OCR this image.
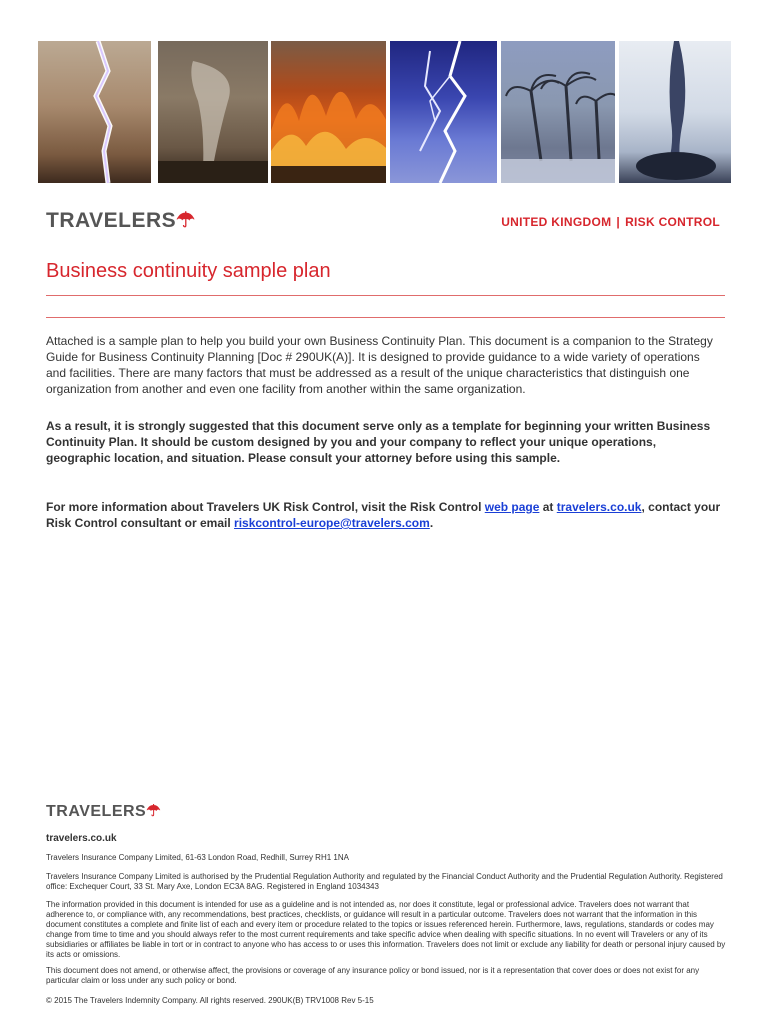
TRAVELERS ☂	UNITED KINGDOM | RISK CONTROL
Business continuity sample plan

Attached is a sample plan to help you build your own Business Continuity Plan. This document is a companion to the Strategy Guide for Business Continuity Planning [Doc # 290UK(A)]. It is designed to provide guidance to a wide variety of operations and facilities. There are many factors that must be addressed as a result of the unique characteristics that distinguish one organization from another and even one facility from another within the same organization.

As a result, it is strongly suggested that this document serve only as a template for beginning your written Business Continuity Plan. It should be custom designed by you and your company to reflect your unique operations, geographic location, and situation. Please consult your attorney before using this sample.

For more information about Travelers UK Risk Control, visit the Risk Control web page at travelers.co.uk, contact your Risk Control consultant or email riskcontrol-europe@travelers.com.

TRAVELERS ☂
travelers.co.uk

Travelers Insurance Company Limited, 61-63 London Road, Redhill, Surrey RH1 1NA

Travelers Insurance Company Limited is authorised by the Prudential Regulation Authority and regulated by the Financial Conduct Authority and the Prudential Regulation Authority. Registered office: Exchequer Court, 33 St. Mary Axe, London EC3A 8AG. Registered in England 1034343

The information provided in this document is intended for use as a guideline and is not intended as, nor does it constitute, legal or professional advice. Travelers does not warrant that adherence to, or compliance with, any recommendations, best practices, checklists, or guidance will result in a particular outcome. Travelers does not warrant that the information in this document constitutes a complete and finite list of each and every item or procedure related to the topics or issues referenced herein. Furthermore, laws, regulations, standards or codes may change from time to time and you should always refer to the most current requirements and take specific advice when dealing with specific situations. In no event will Travelers or any of its subsidiaries or affiliates be liable in tort or in contract to anyone who has access to or uses this information. Travelers does not limit or exclude any liability for death or personal injury caused by its acts or omissions.

This document does not amend, or otherwise affect, the provisions or coverage of any insurance policy or bond issued, nor is it a representation that cover does or does not exist for any particular claim or loss under any such policy or bond.

© 2015 The Travelers Indemnity Company. All rights reserved. 290UK(B) TRV1008 Rev 5-15
